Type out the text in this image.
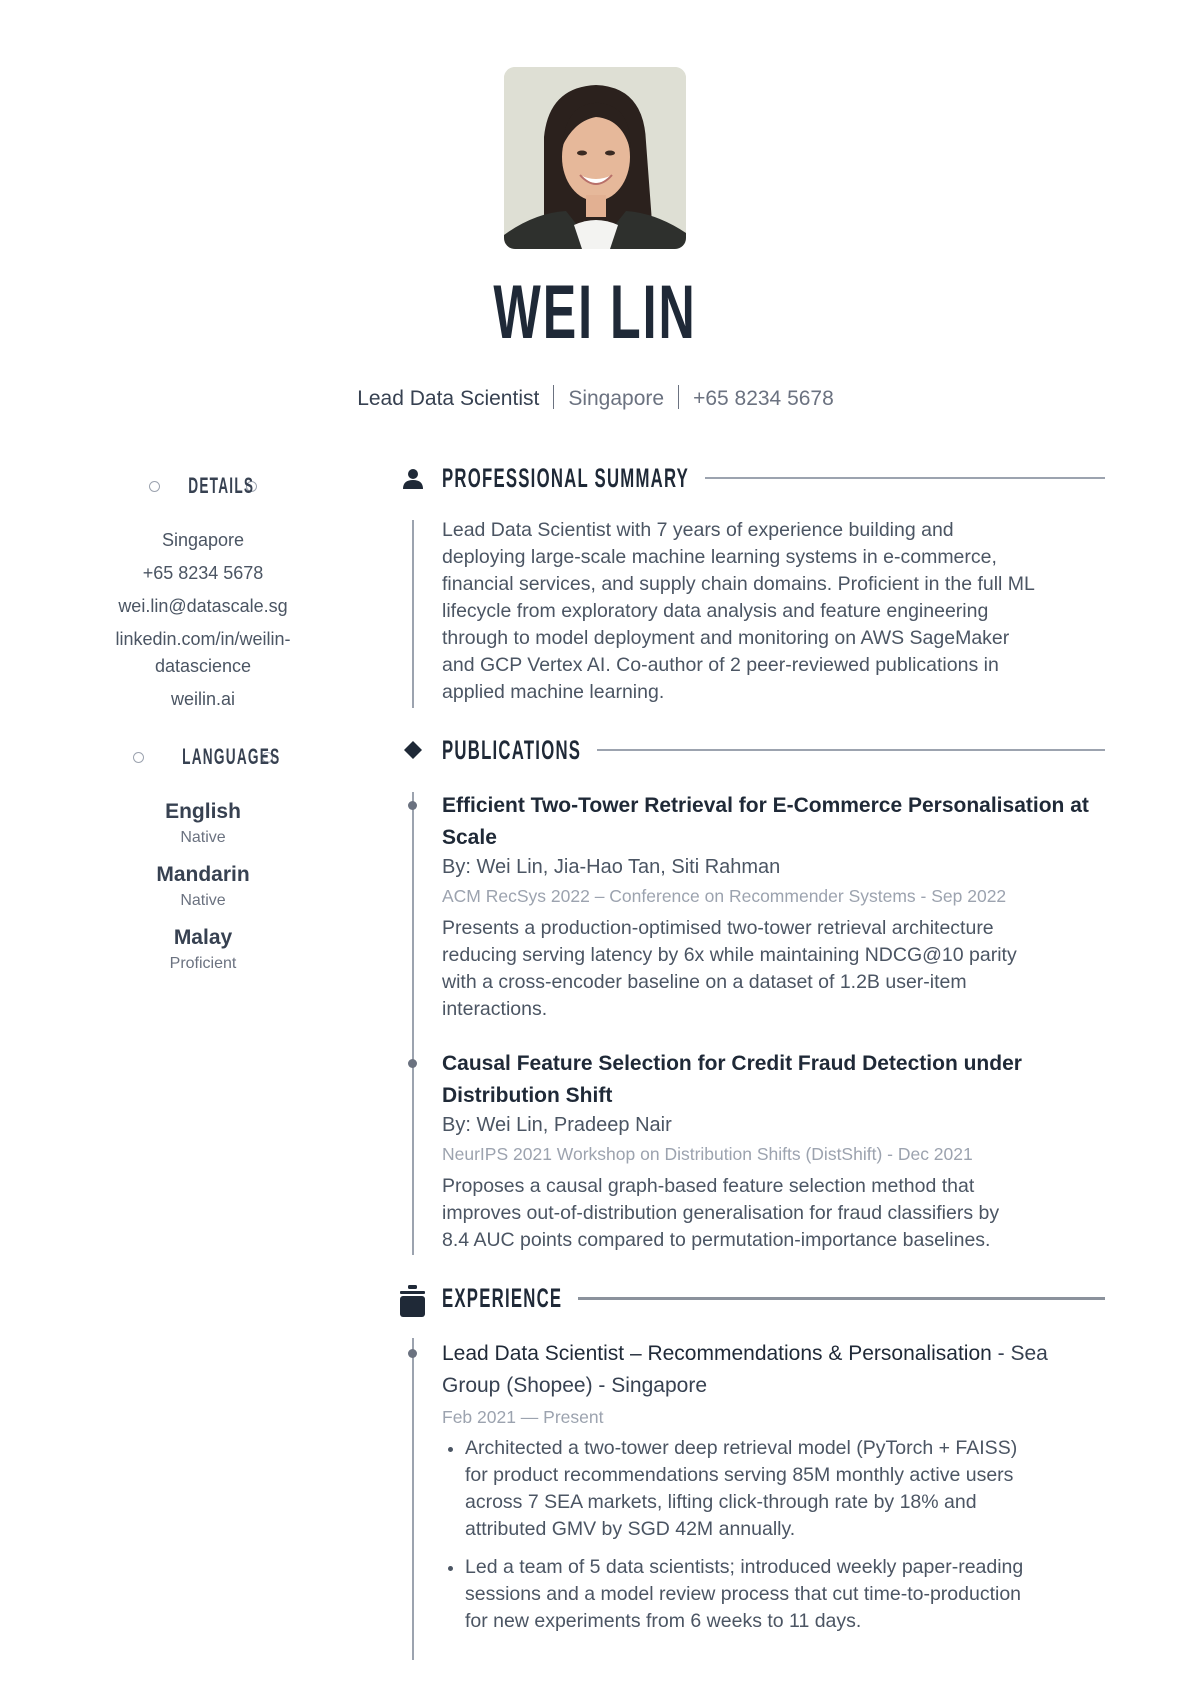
WEI LIN
Lead Data Scientist Singapore +65 8234 5678
DETAILS
Singapore
+65 8234 5678
wei.lin@datascale.sg
linkedin.com/in/weilin-
datascience
weilin.ai
LANGUAGES
English
Native
Mandarin
Native
Malay
Proficient
PROFESSIONAL SUMMARY
Lead Data Scientist with 7 years of experience building and
deploying large-scale machine learning systems in e-commerce,
financial services, and supply chain domains. Proficient in the full ML
lifecycle from exploratory data analysis and feature engineering
through to model deployment and monitoring on AWS SageMaker
and GCP Vertex AI. Co-author of 2 peer-reviewed publications in
applied machine learning.
PUBLICATIONS
Efficient Two-Tower Retrieval for E-Commerce Personalisation at
Scale
By: Wei Lin, Jia-Hao Tan, Siti Rahman
ACM RecSys 2022 – Conference on Recommender Systems - Sep 2022
Presents a production-optimised two-tower retrieval architecture
reducing serving latency by 6x while maintaining NDCG@10 parity
with a cross-encoder baseline on a dataset of 1.2B user-item
interactions.
Causal Feature Selection for Credit Fraud Detection under
Distribution Shift
By: Wei Lin, Pradeep Nair
NeurIPS 2021 Workshop on Distribution Shifts (DistShift) - Dec 2021
Proposes a causal graph-based feature selection method that
improves out-of-distribution generalisation for fraud classifiers by
8.4 AUC points compared to permutation-importance baselines.
EXPERIENCE
Lead Data Scientist – Recommendations & Personalisation - Sea
Group (Shopee) - Singapore
Feb 2021 — Present
Architected a two-tower deep retrieval model (PyTorch + FAISS)
for product recommendations serving 85M monthly active users
across 7 SEA markets, lifting click-through rate by 18% and
attributed GMV by SGD 42M annually.
Led a team of 5 data scientists; introduced weekly paper-reading
sessions and a model review process that cut time-to-production
for new experiments from 6 weeks to 11 days.
